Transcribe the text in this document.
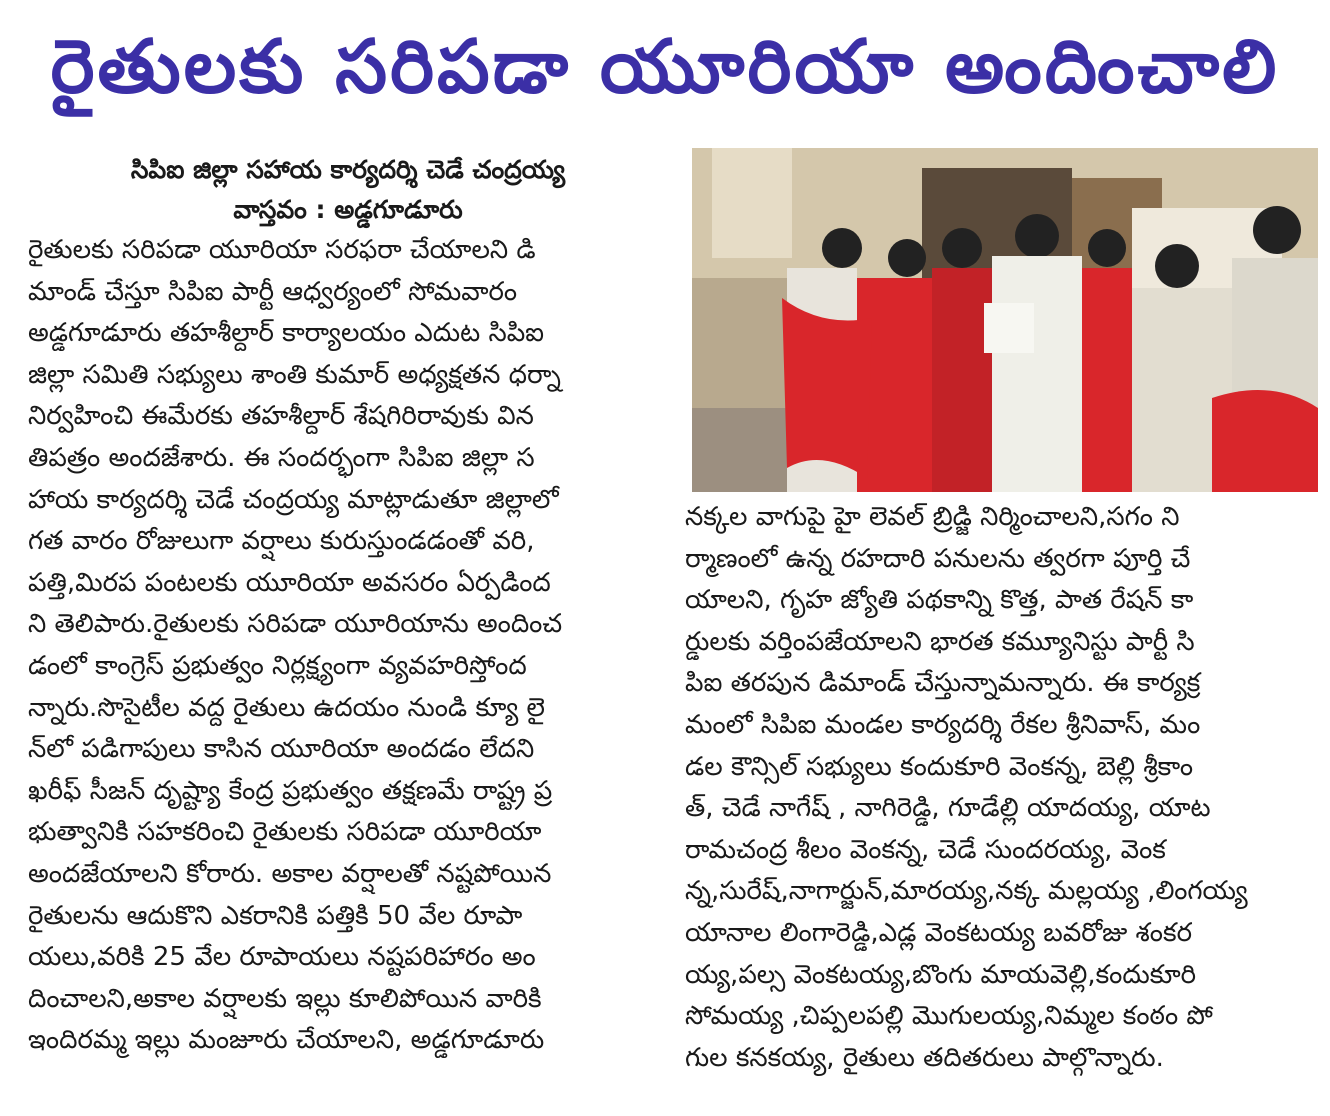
రైతులకు సరిపడా యూరియా అందించాలి
సిపిఐ జిల్లా సహాయ కార్యదర్శి చెడే చంద్రయ్య
వాస్తవం : అడ్డగూడూరు
రైతులకు సరిపడా యూరియా సరఫరా చేయాలని డి
మాండ్ చేస్తూ సిపిఐ పార్టీ ఆధ్వర్యంలో సోమవారం
అడ్డగూడూరు తహశీల్దార్ కార్యాలయం ఎదుట సిపిఐ
జిల్లా సమితి సభ్యులు శాంతి కుమార్ అధ్యక్షతన ధర్నా
నిర్వహించి ఈమేరకు తహశీల్దార్ శేషగిరిరావుకు విన
తిపత్రం అందజేశారు. ఈ సందర్భంగా సిపిఐ జిల్లా స
హాయ కార్యదర్శి చెడే చంద్రయ్య మాట్లాడుతూ జిల్లాలో
గత వారం రోజులుగా వర్షాలు కురుస్తుండడంతో వరి,
పత్తి,మిరప పంటలకు యూరియా అవసరం ఏర్పడింద
ని తెలిపారు.రైతులకు సరిపడా యూరియాను అందించ
డంలో కాంగ్రెస్ ప్రభుత్వం నిర్లక్ష్యంగా వ్యవహరిస్తోంద
న్నారు.సొసైటీల వద్ద రైతులు ఉదయం నుండి క్యూ లై
న్‌లో పడిగాపులు కాసిన యూరియా అందడం లేదని
ఖరీఫ్ సీజన్ దృష్ట్యా కేంద్ర ప్రభుత్వం తక్షణమే రాష్ట్ర ప్ర
భుత్వానికి సహకరించి రైతులకు సరిపడా యూరియా
అందజేయాలని కోరారు. అకాల వర్షాలతో నష్టపోయిన
రైతులను ఆదుకొని ఎకరానికి పత్తికి 50 వేల రూపా
యలు,వరికి 25 వేల రూపాయలు నష్టపరిహారం అం
దించాలని,అకాల వర్షాలకు ఇల్లు కూలిపోయిన వారికి
ఇందిరమ్మ ఇల్లు మంజూరు చేయాలని, అడ్డగూడూరు
నక్కల వాగుపై హై లెవల్ బ్రిడ్జి నిర్మించాలని,సగం ని
ర్మాణంలో ఉన్న రహదారి పనులను త్వరగా పూర్తి చే
యాలని, గృహ జ్యోతి పథకాన్ని కొత్త, పాత రేషన్ కా
ర్డులకు వర్తింపజేయాలని భారత కమ్యూనిస్టు పార్టీ సి
పిఐ తరపున డిమాండ్ చేస్తున్నామన్నారు. ఈ కార్యక్ర
మంలో సిపిఐ మండల కార్యదర్శి రేకల శ్రీనివాస్, మం
డల కౌన్సిల్ సభ్యులు కందుకూరి వెంకన్న, బెల్లి శ్రీకాం
త్, చెడే నాగేష్ , నాగిరెడ్డి, గూడేల్లి యాదయ్య, యాట
రామచంద్ర శీలం వెంకన్న, చెడే సుందరయ్య, వెంక
న్న,సురేష్,నాగార్జున్,మారయ్య,నక్క మల్లయ్య ,లింగయ్య
యానాల లింగారెడ్డి,ఎడ్ల వెంకటయ్య బవరోజు శంకర
య్య,పల్స వెంకటయ్య,బొంగు మాయవెల్లి,కందుకూరి
సోమయ్య ,చిప్పలపల్లి మొగులయ్య,నిమ్మల కంఠం పో
గుల కనకయ్య, రైతులు తదితరులు పాల్గొన్నారు.
